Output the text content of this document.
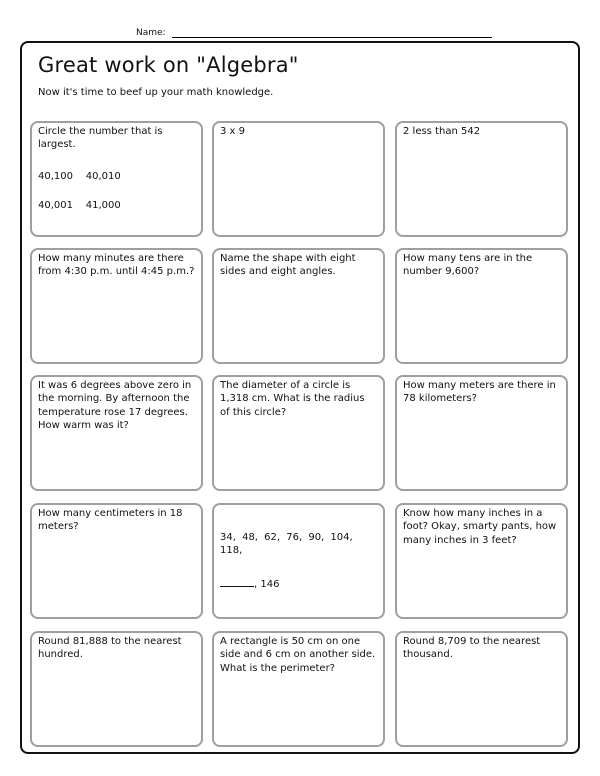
Name:
Great work on "Algebra"
Now it's time to beef up your math knowledge.
Circle the number that is largest.
40,100 40,010
40,001 41,000
3 x 9	2 less than 542
How many minutes are there from 4:30 p.m. until 4:45 p.m.?
Name the shape with eight sides and eight angles.
How many tens are in the number 9,600?
It was 6 degrees above zero in the morning. By afternoon the temperature rose 17 degrees. How warm was it?
The diameter of a circle is 1,318 cm. What is the radius of this circle?
How many meters are there in 78 kilometers?
How many centimeters in 18 meters?
34, 48, 62, 76, 90, 104, 118,
, 146
Know how many inches in a foot? Okay, smarty pants, how many inches in 3 feet?
Round 81,888 to the nearest hundred.
A rectangle is 50 cm on one side and 6 cm on another side. What is the perimeter?
Round 8,709 to the nearest thousand.
